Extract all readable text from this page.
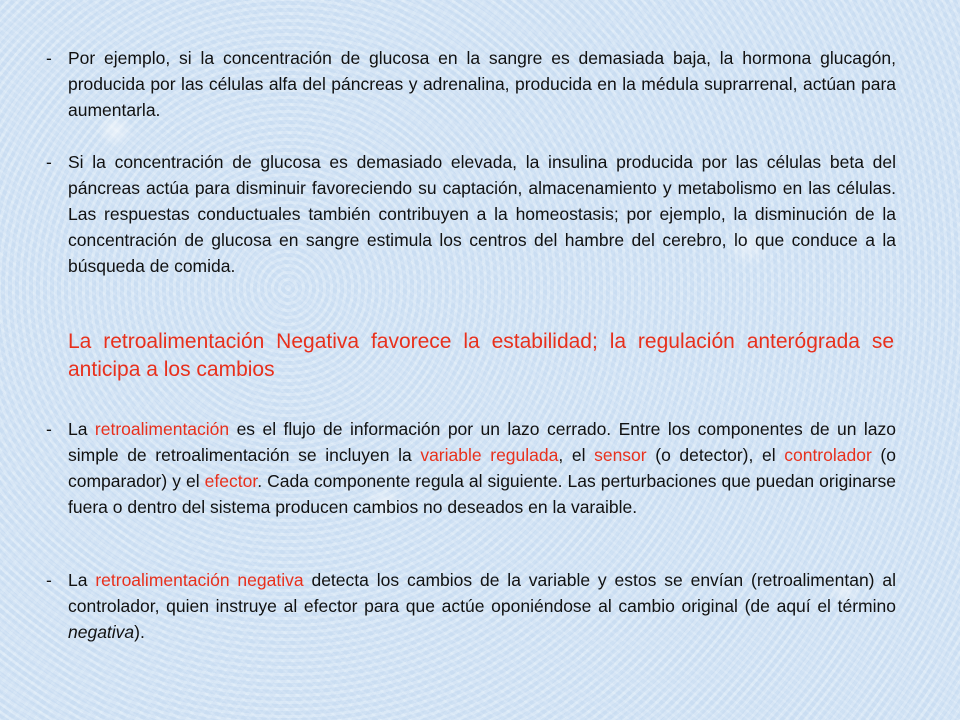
- Por ejemplo, si la concentración de glucosa en la sangre es demasiada baja, la hormona glucagón, producida por las células alfa del páncreas y adrenalina, producida en la médula suprarrenal, actúan para aumentarla.
- Si la concentración de glucosa es demasiado elevada, la insulina producida por las células beta del páncreas actúa para disminuir favoreciendo su captación, almacenamiento y metabolismo en las células. Las respuestas conductuales también contribuyen a la homeostasis; por ejemplo, la disminución de la concentración de glucosa en sangre estimula los centros del hambre del cerebro, lo que conduce a la búsqueda de comida.
La retroalimentación Negativa favorece la estabilidad; la regulación anterógrada se anticipa a los cambios
- La retroalimentación es el flujo de información por un lazo cerrado. Entre los componentes de un lazo simple de retroalimentación se incluyen la variable regulada, el sensor (o detector), el controlador (o comparador) y el efector. Cada componente regula al siguiente. Las perturbaciones que puedan originarse fuera o dentro del sistema producen cambios no deseados en la varaible.
- La retroalimentación negativa detecta los cambios de la variable y estos se envían (retroalimentan) al controlador, quien instruye al efector para que actúe oponiéndose al cambio original (de aquí el término negativa).
